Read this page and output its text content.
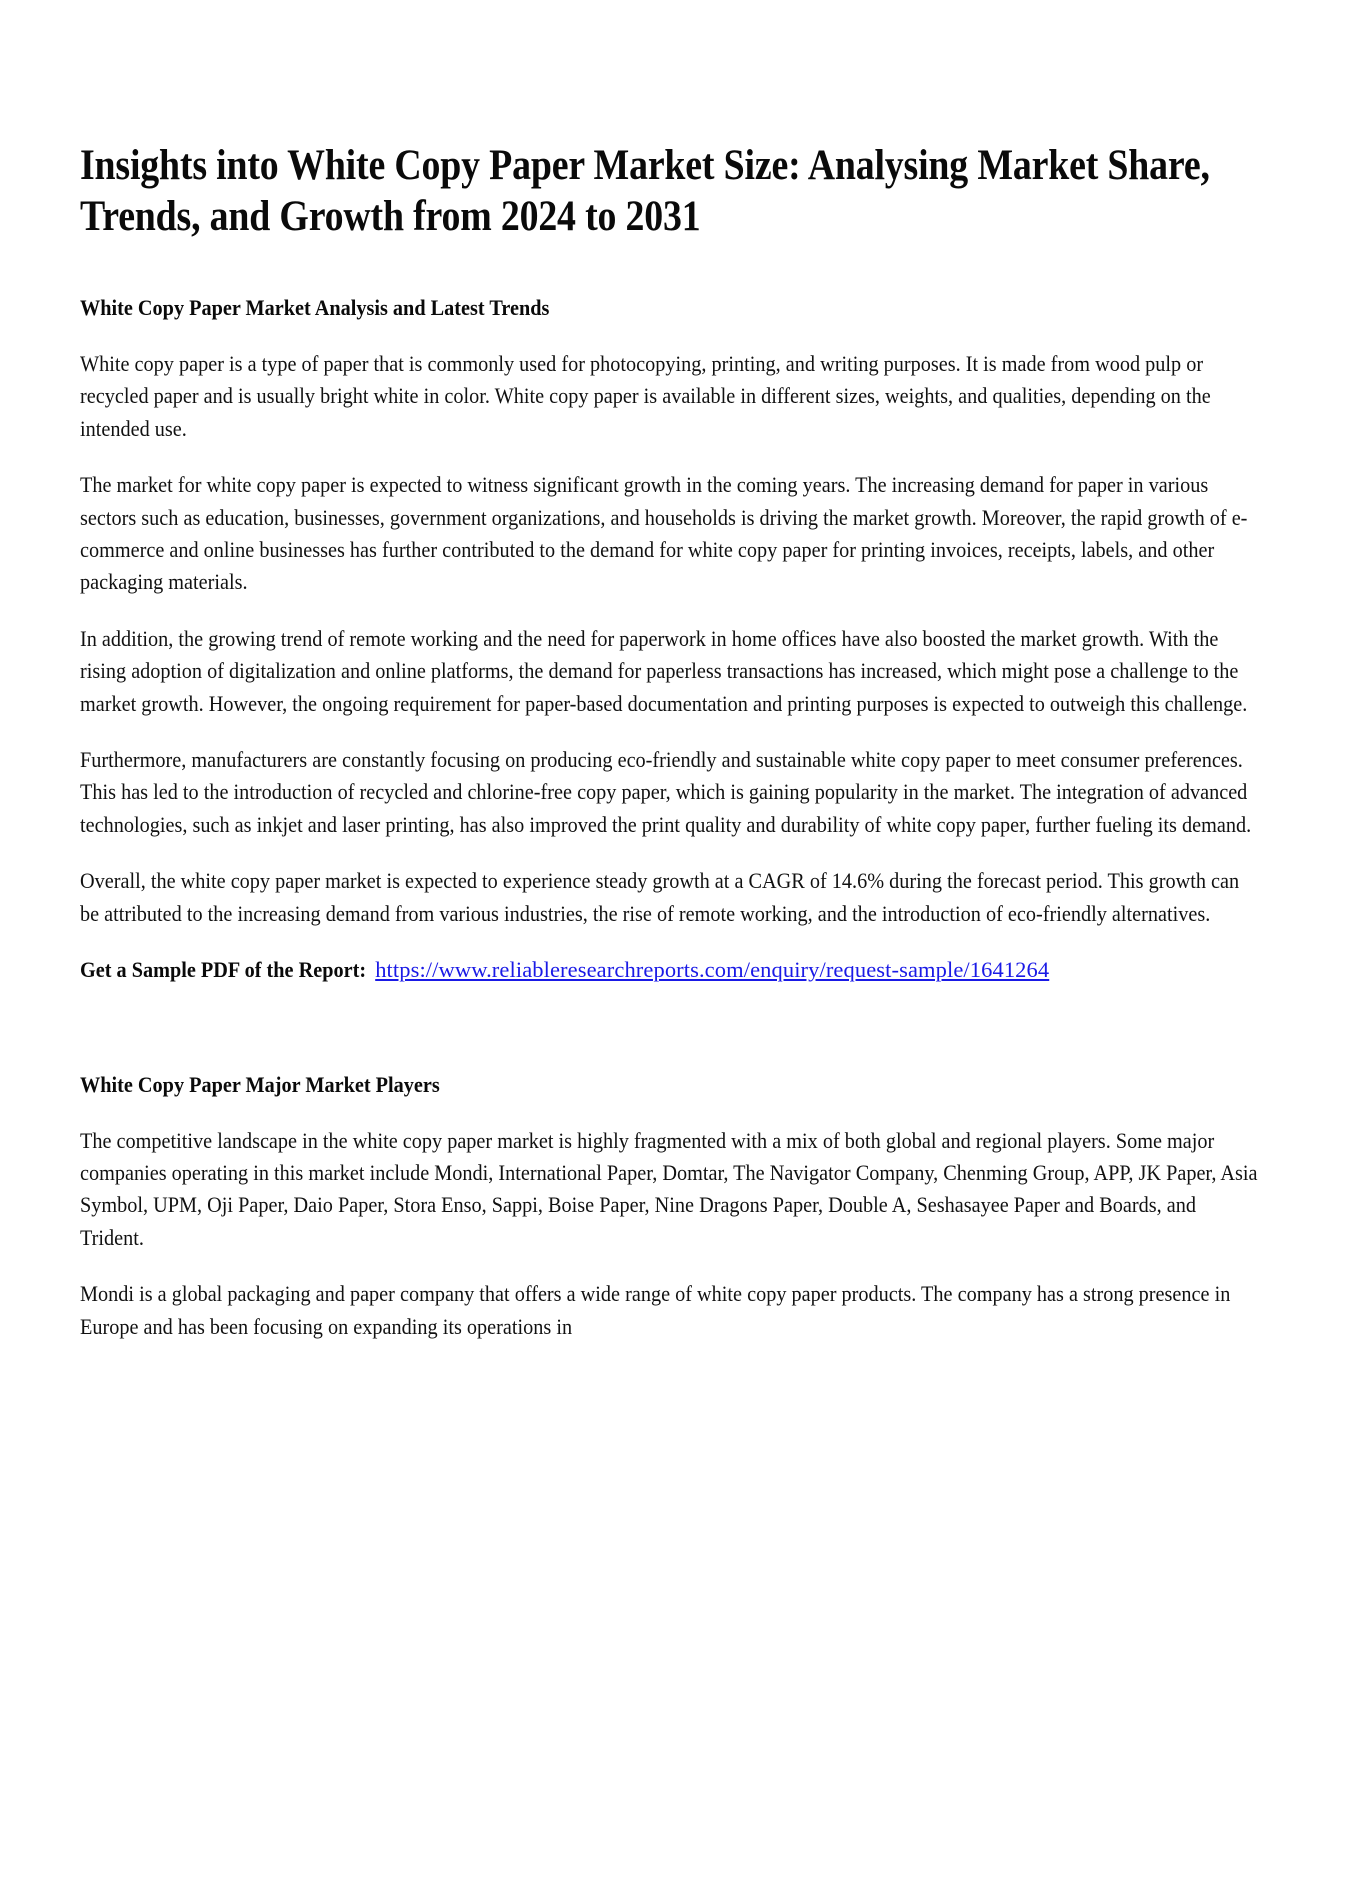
Insights into White Copy Paper Market Size: Analysing Market Share, Trends, and Growth from 2024 to 2031
White Copy Paper Market Analysis and Latest Trends

White copy paper is a type of paper that is commonly used for photocopying, printing, and writing purposes. It is made from wood pulp or recycled paper and is usually bright white in color. White copy paper is available in different sizes, weights, and qualities, depending on the intended use.

The market for white copy paper is expected to witness significant growth in the coming years. The increasing demand for paper in various sectors such as education, businesses, government organizations, and households is driving the market growth. Moreover, the rapid growth of e-commerce and online businesses has further contributed to the demand for white copy paper for printing invoices, receipts, labels, and other packaging materials.

In addition, the growing trend of remote working and the need for paperwork in home offices have also boosted the market growth. With the rising adoption of digitalization and online platforms, the demand for paperless transactions has increased, which might pose a challenge to the market growth. However, the ongoing requirement for paper-based documentation and printing purposes is expected to outweigh this challenge.

Furthermore, manufacturers are constantly focusing on producing eco-friendly and sustainable white copy paper to meet consumer preferences. This has led to the introduction of recycled and chlorine-free copy paper, which is gaining popularity in the market. The integration of advanced technologies, such as inkjet and laser printing, has also improved the print quality and durability of white copy paper, further fueling its demand.

Overall, the white copy paper market is expected to experience steady growth at a CAGR of 14.6% during the forecast period. This growth can be attributed to the increasing demand from various industries, the rise of remote working, and the introduction of eco-friendly alternatives.

Get a Sample PDF of the Report: https://www.reliableresearchreports.com/enquiry/request-sample/1641264

White Copy Paper Major Market Players

The competitive landscape in the white copy paper market is highly fragmented with a mix of both global and regional players. Some major companies operating in this market include Mondi, International Paper, Domtar, The Navigator Company, Chenming Group, APP, JK Paper, Asia Symbol, UPM, Oji Paper, Daio Paper, Stora Enso, Sappi, Boise Paper, Nine Dragons Paper, Double A, Seshasayee Paper and Boards, and Trident.

Mondi is a global packaging and paper company that offers a wide range of white copy paper products. The company has a strong presence in Europe and has been focusing on expanding its operations in
